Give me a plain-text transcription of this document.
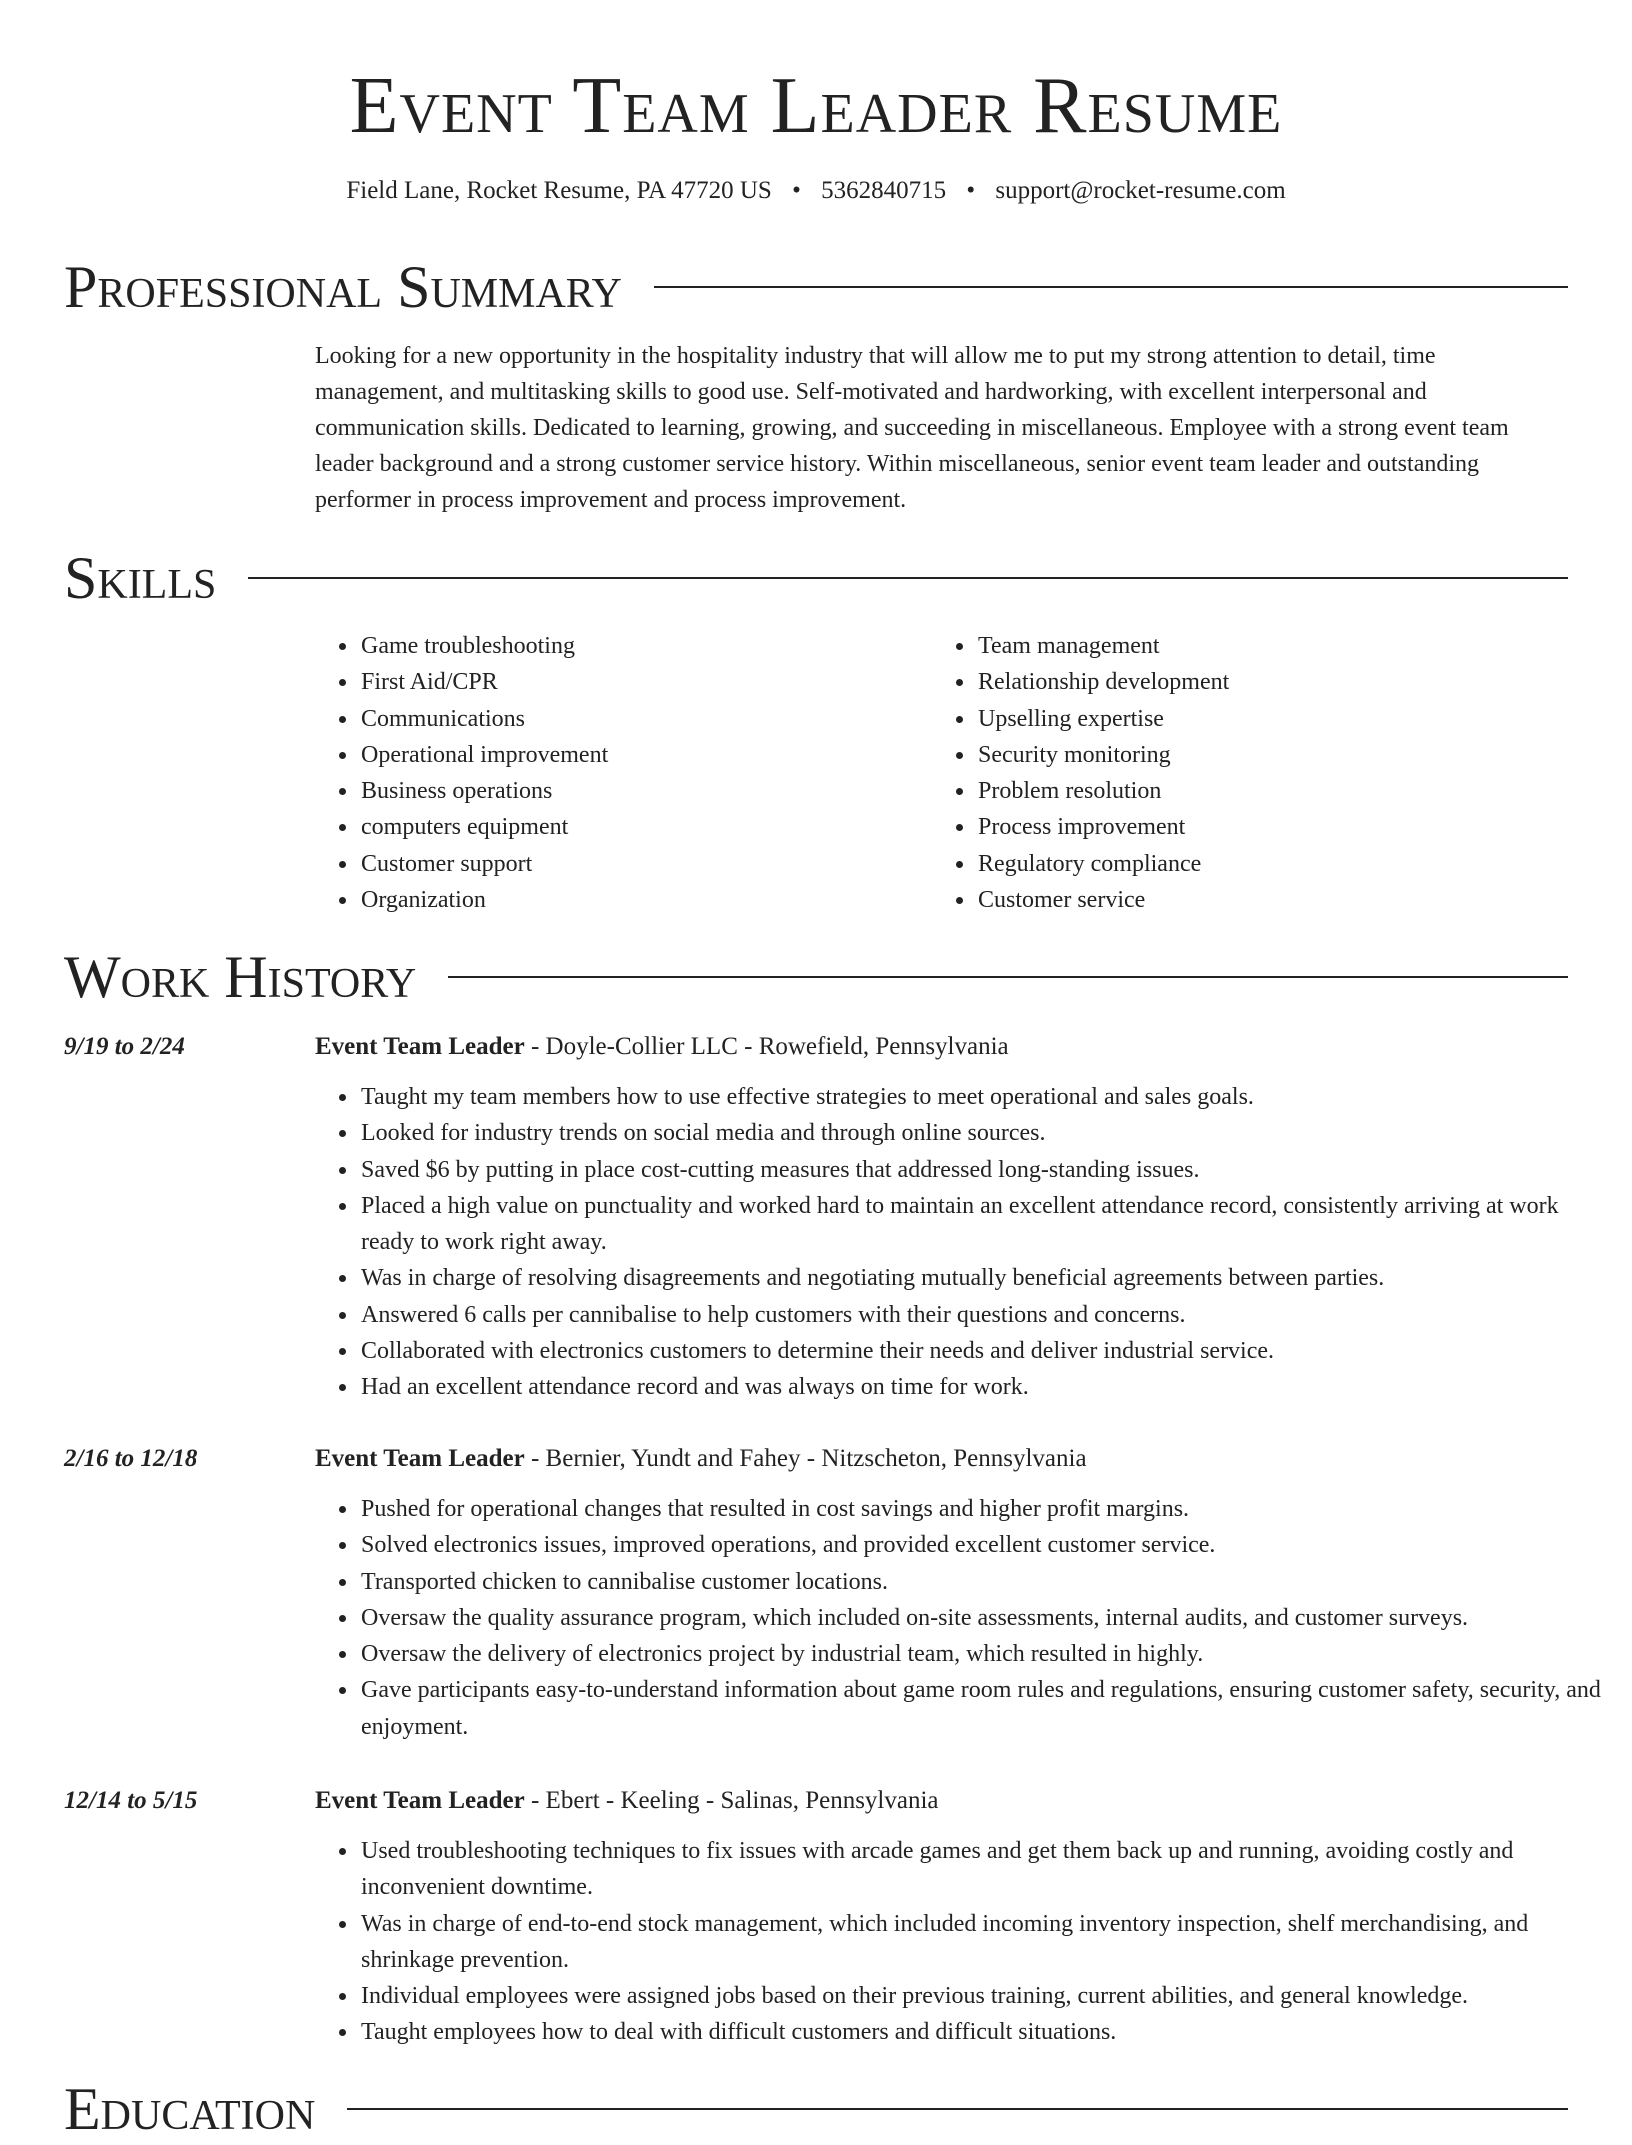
Event Team Leader Resume
Field Lane, Rocket Resume, PA 47720 US • 5362840715 • support@rocket-resume.com
Professional Summary

Looking for a new opportunity in the hospitality industry that will allow me to put my strong attention to detail, time management, and multitasking skills to good use. Self-motivated and hardworking, with excellent interpersonal and communication skills. Dedicated to learning, growing, and succeeding in miscellaneous. Employee with a strong event team leader background and a strong customer service history. Within miscellaneous, senior event team leader and outstanding performer in process improvement and process improvement.

Skills
• Game troubleshooting
• First Aid/CPR
• Communications
• Operational improvement
• Business operations
• computers equipment
• Customer support
• Organization
• Team management
• Relationship development
• Upselling expertise
• Security monitoring
• Problem resolution
• Process improvement
• Regulatory compliance
• Customer service
Work History
9/19 to 2/24	Event Team Leader - Doyle-Collier LLC - Rowefield, Pennsylvania
• Taught my team members how to use effective strategies to meet operational and sales goals.
• Looked for industry trends on social media and through online sources.
• Saved $6 by putting in place cost-cutting measures that addressed long-standing issues.
• Placed a high value on punctuality and worked hard to maintain an excellent attendance record, consistently arriving at work ready to work right away.
• Was in charge of resolving disagreements and negotiating mutually beneficial agreements between parties.
• Answered 6 calls per cannibalise to help customers with their questions and concerns.
• Collaborated with electronics customers to determine their needs and deliver industrial service.
• Had an excellent attendance record and was always on time for work.
2/16 to 12/18	Event Team Leader - Bernier, Yundt and Fahey - Nitzscheton, Pennsylvania
• Pushed for operational changes that resulted in cost savings and higher profit margins.
• Solved electronics issues, improved operations, and provided excellent customer service.
• Transported chicken to cannibalise customer locations.
• Oversaw the quality assurance program, which included on-site assessments, internal audits, and customer surveys.
• Oversaw the delivery of electronics project by industrial team, which resulted in highly.
• Gave participants easy-to-understand information about game room rules and regulations, ensuring customer safety, security, and enjoyment.
12/14 to 5/15	Event Team Leader - Ebert - Keeling - Salinas, Pennsylvania
• Used troubleshooting techniques to fix issues with arcade games and get them back up and running, avoiding costly and inconvenient downtime.
• Was in charge of end-to-end stock management, which included incoming inventory inspection, shelf merchandising, and shrinkage prevention.
• Individual employees were assigned jobs based on their previous training, current abilities, and general knowledge.
• Taught employees how to deal with difficult customers and difficult situations.
Education
